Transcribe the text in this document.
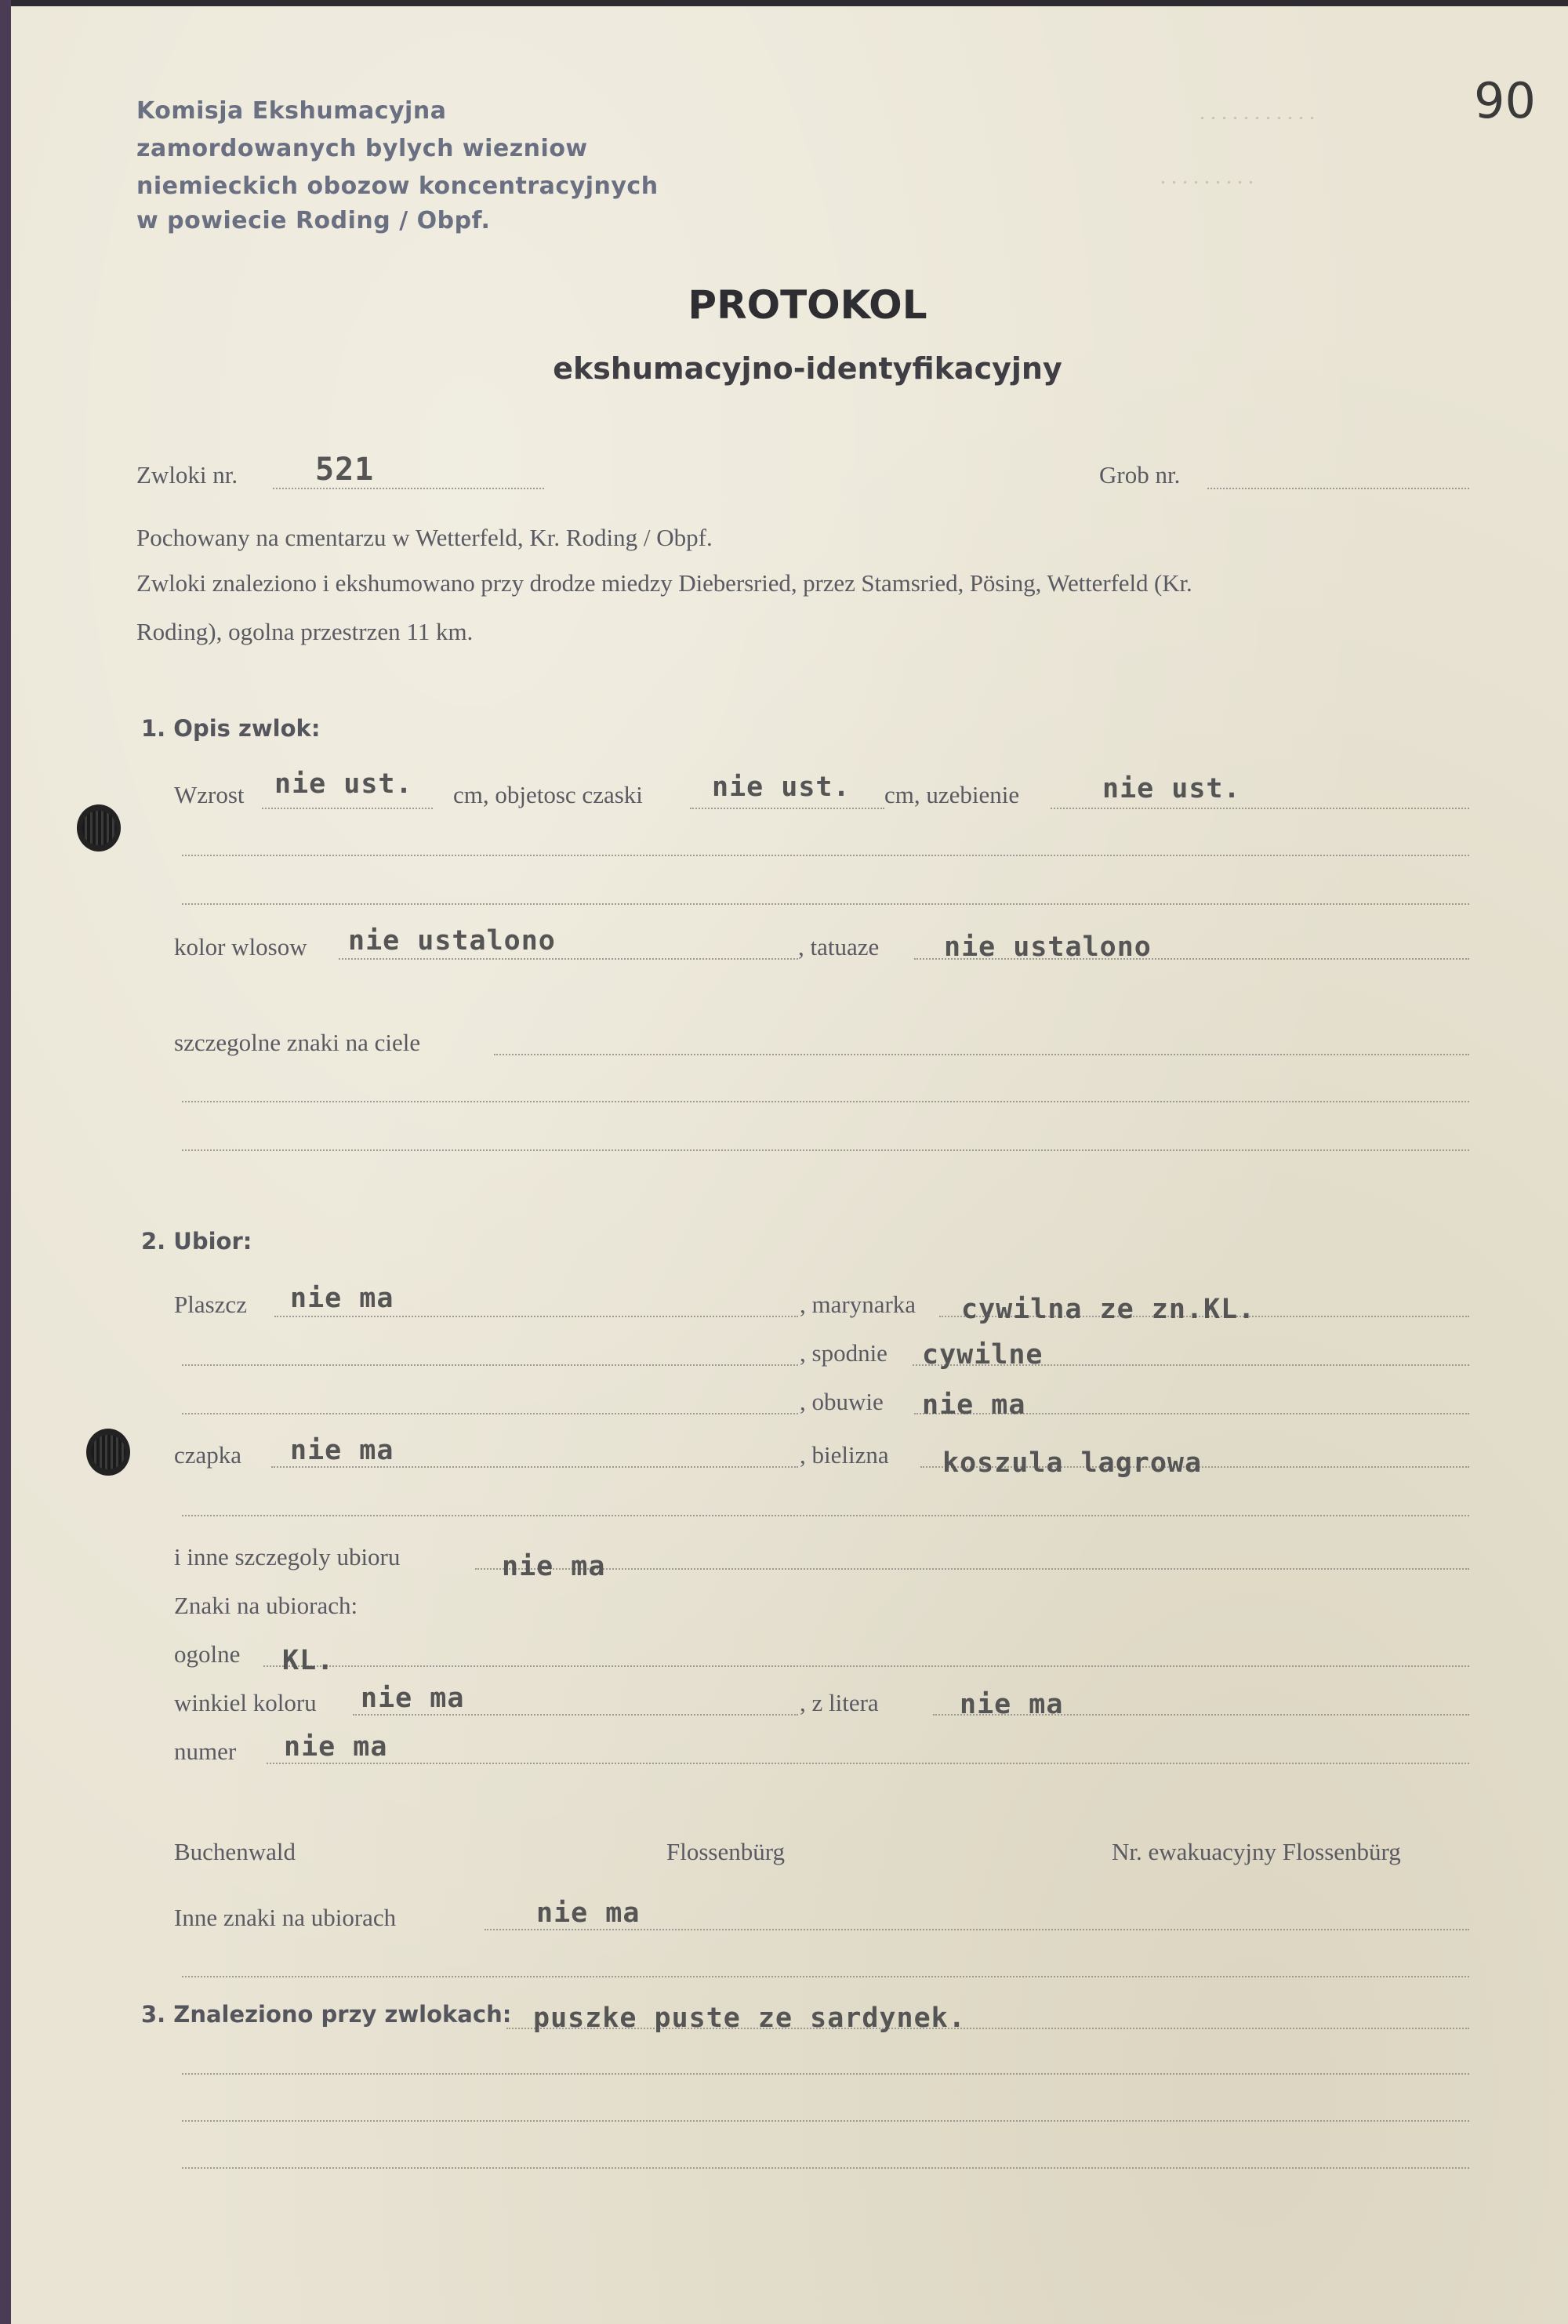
. . . . . . . . . . .
. . . . . . . . .
90
Komisja Ekshumacyjna
zamordowanych bylych wiezniow
niemieckich obozow koncentracyjnych
w powiecie Roding / Obpf.
PROTOKOL
ekshumacyjno-identyfikacyjny
Zwloki nr. 521	Grob nr.
Pochowany na cmentarzu w Wetterfeld, Kr. Roding / Obpf.
Zwloki znaleziono i ekshumowano przy drodze miedzy Diebersried, przez Stamsried, Pösing, Wetterfeld (Kr.
Roding), ogolna przestrzen 11 km.
1. Opis zwlok:
Wzrost nie ust. cm, objetosc czaski	nie ust. cm, uzebienie	nie ust.
kolor wlosow nie ustalono	, tatuaze nie ustalono
szczegolne znaki na ciele
2. Ubior:
Plaszcz nie ma	, marynarka cywilna ze zn.KL.
, spodnie cywilne
, obuwie nie ma
czapka nie ma	, bielizna koszula lagrowa
i inne szczegoly ubioru	nie ma
Znaki na ubiorach:
ogolne KL.
winkiel koloru nie ma	, z litera	nie ma
numer nie ma
Buchenwald	Flossenbürg	Nr. ewakuacyjny Flossenbürg
Inne znaki na ubiorach	nie ma
3. Znaleziono przy zwlokach: puszke puste ze sardynek.
